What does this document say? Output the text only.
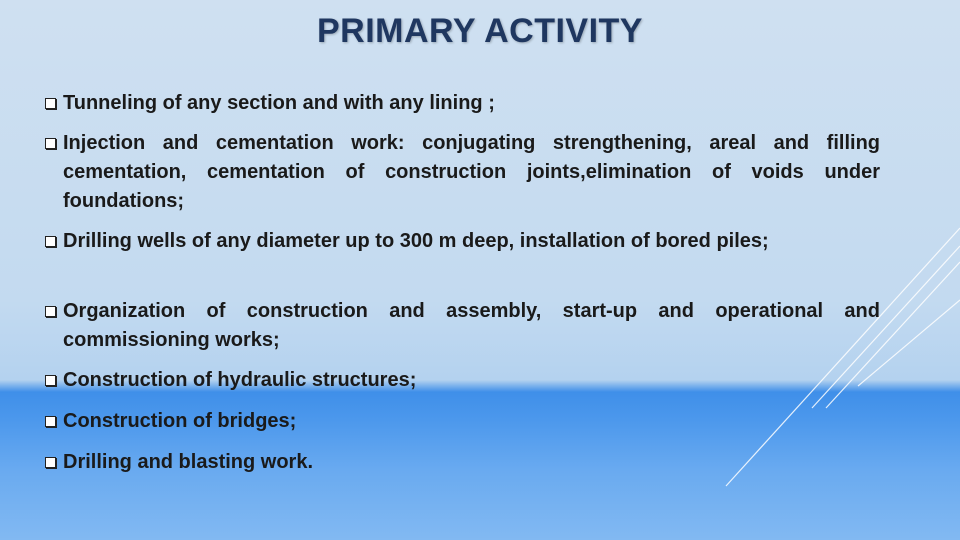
PRIMARY ACTIVITY
Tunneling of any section and with any lining ;
Injection and cementation work: conjugating strengthening, areal and filling cementation, cementation of construction joints,elimination of voids under foundations;
Drilling wells of any diameter up to 300 m deep, installation of bored piles;
Organization of construction and assembly, start-up and operational and commissioning works;
Construction of hydraulic structures;
Construction of bridges;
Drilling and blasting work.
